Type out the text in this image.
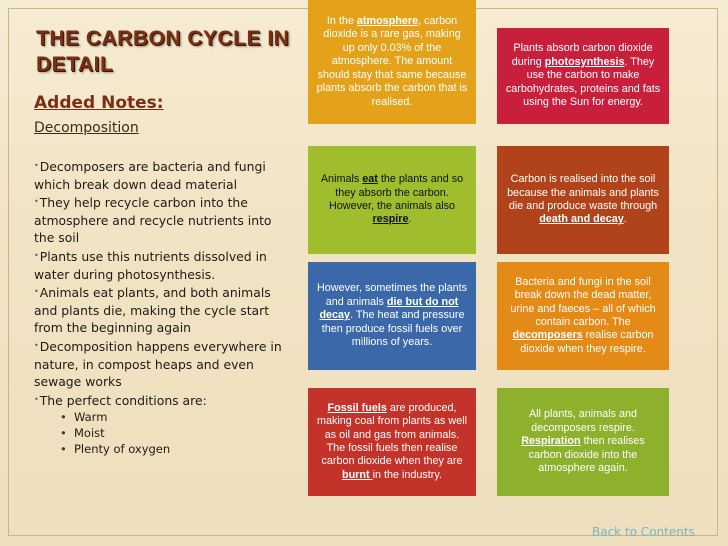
THE CARBON CYCLE IN
DETAIL
Added Notes:
Decomposition
• Decomposers are bacteria and fungi which break down dead material
• They help recycle carbon into the atmosphere and recycle nutrients into the soil
• Plants use this nutrients dissolved in water during photosynthesis.
• Animals eat plants, and both animals and plants die, making the cycle start from the beginning again
• Decomposition happens everywhere in nature, in compost heaps and even sewage works
• The perfect conditions are:
• Warm
• Moist
• Plenty of oxygen
In the atmosphere, carbon dioxide is a rare gas, making up only 0.03% of the atmosphere. The amount should stay that same because plants absorb the carbon that is realised.
Plants absorb carbon dioxide during photosynthesis. They use the carbon to make carbohydrates, proteins and fats using the Sun for energy.
Animals eat the plants and so they absorb the carbon. However, the animals also respire.
Carbon is realised into the soil because the animals and plants die and produce waste through death and decay.
However, sometimes the plants and animals die but do not decay. The heat and pressure then produce fossil fuels over millions of years.
Bacteria and fungi in the soil break down the dead matter, urine and faeces – all of which contain carbon. The decomposers realise carbon dioxide when they respire.
Fossil fuels are produced, making coal from plants as well as oil and gas from animals. The fossil fuels then realise carbon dioxide when they are burnt in the industry.
All plants, animals and decomposers respire. Respiration then realises carbon dioxide into the atmosphere again.
Back to Contents
